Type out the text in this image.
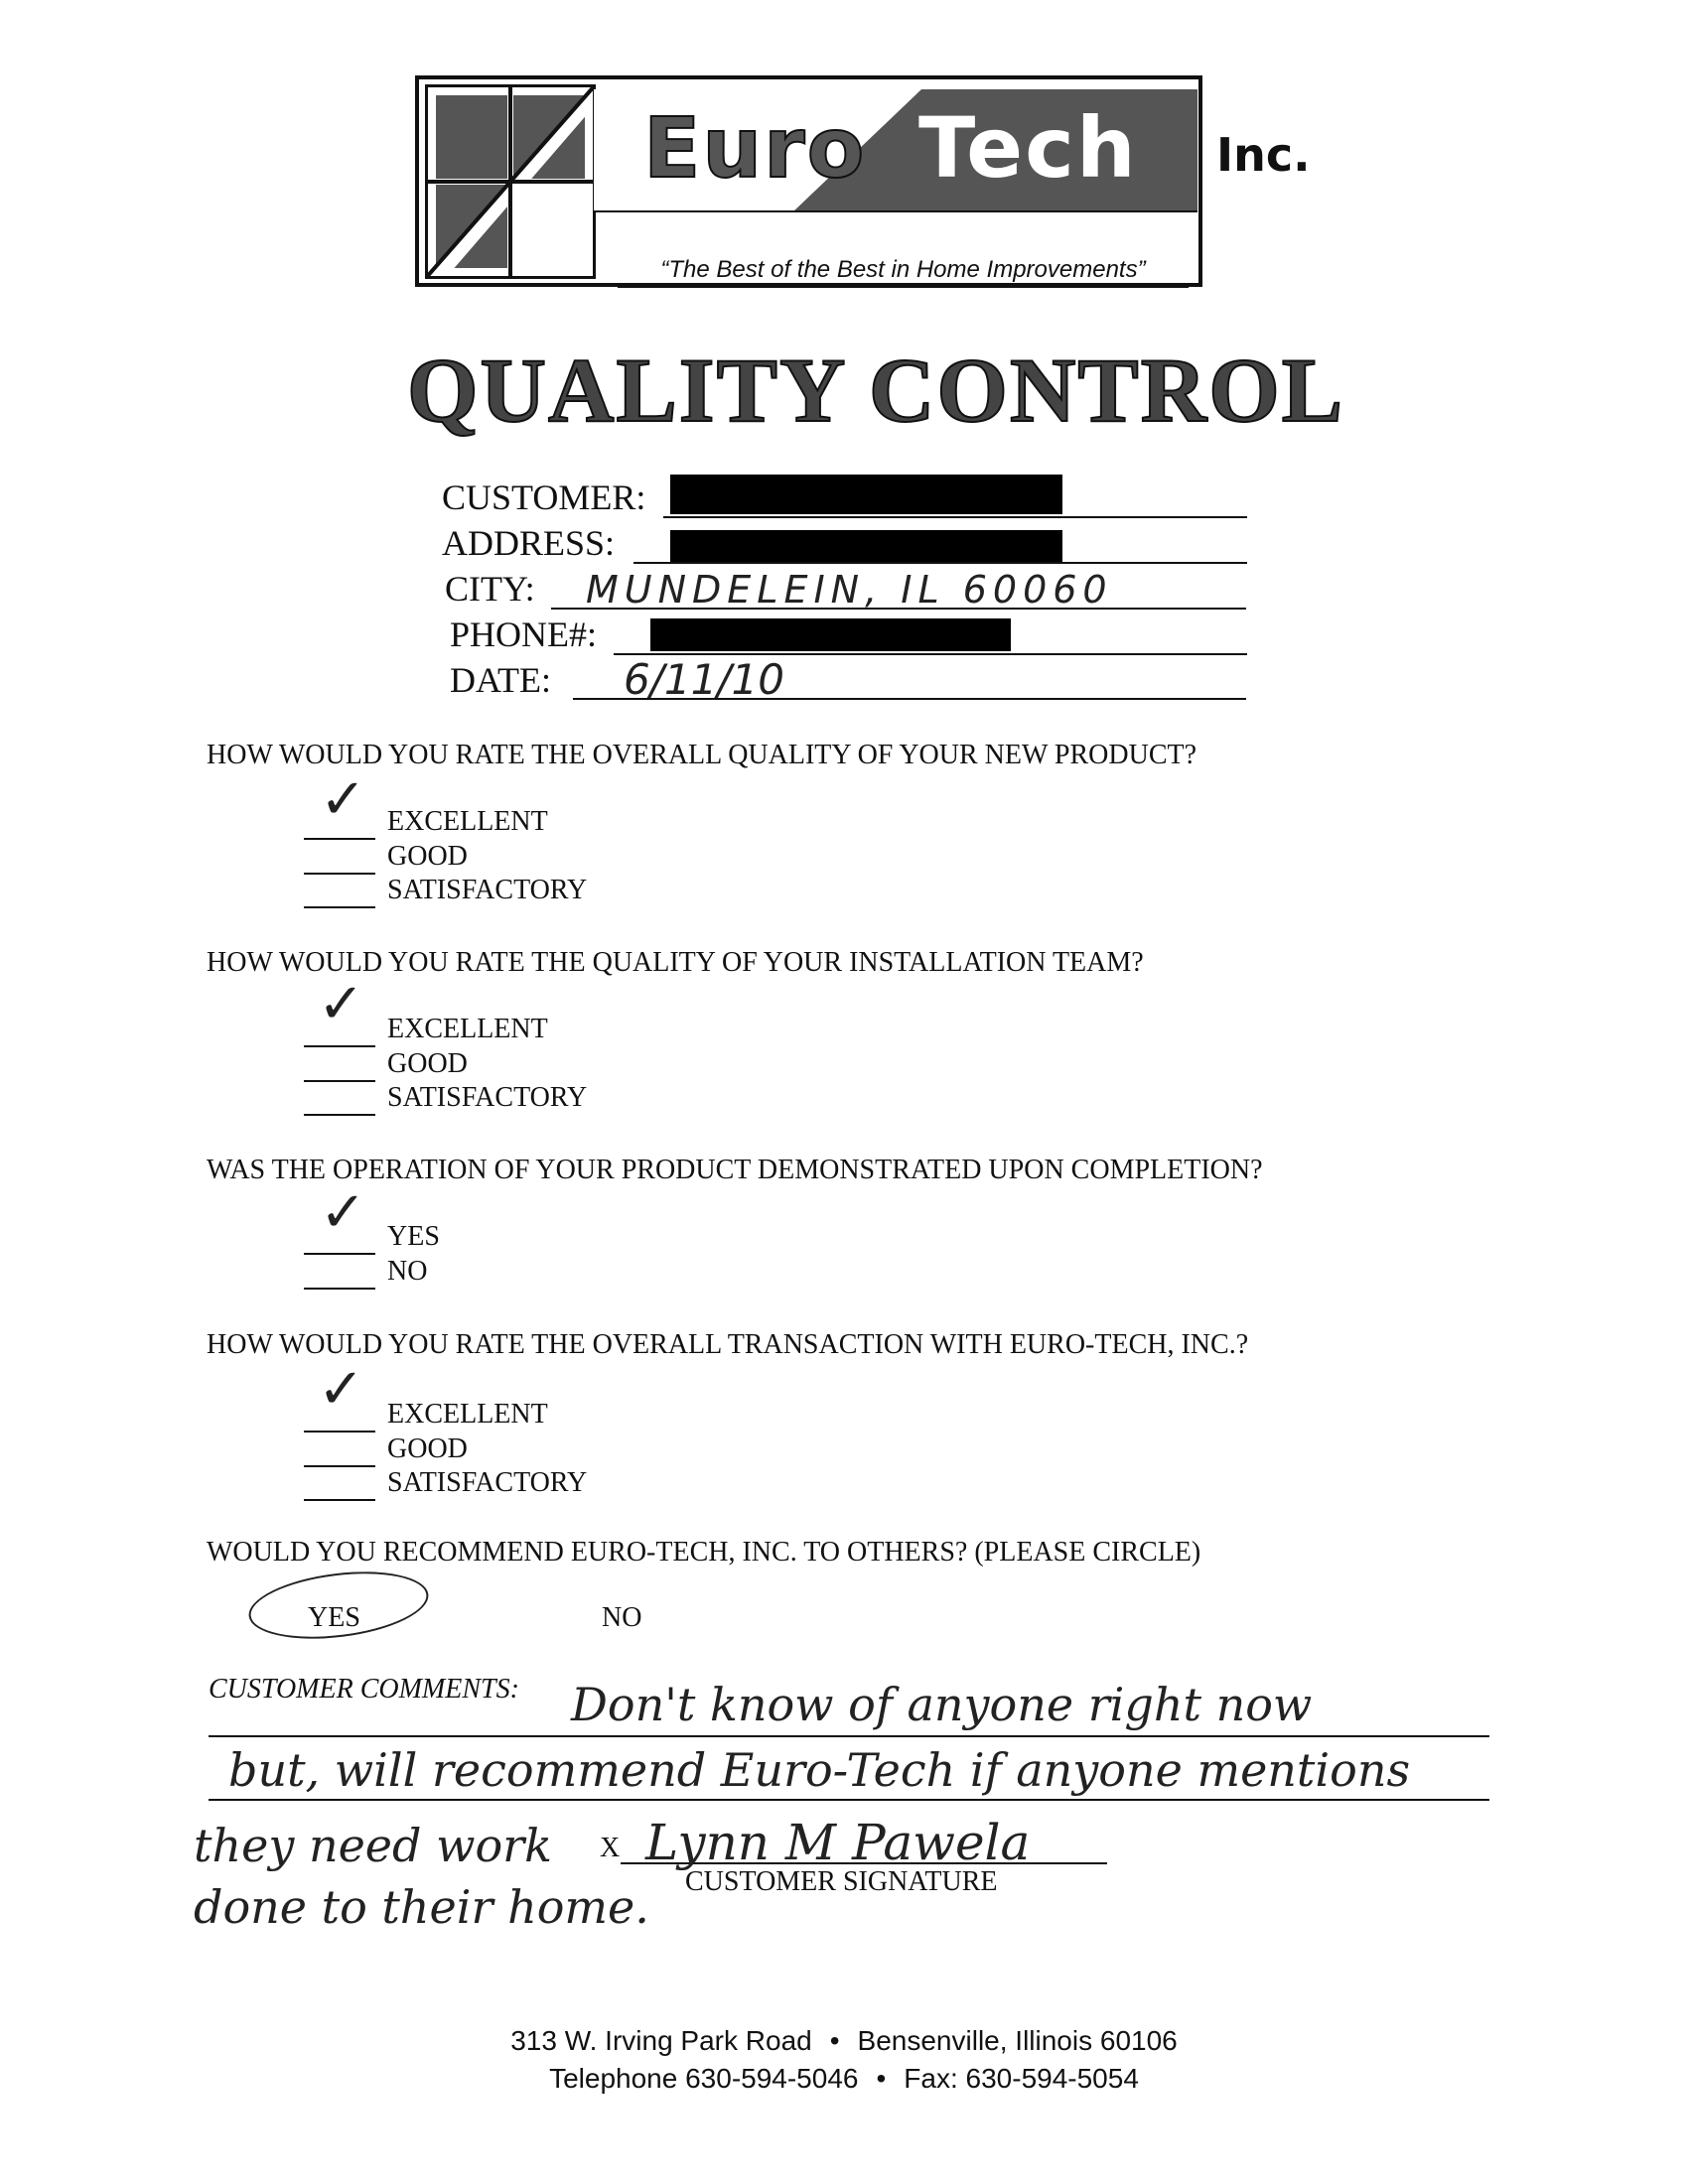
Euro Tech Inc.
“The Best of the Best in Home Improvements”
QUALITY CONTROL
CUSTOMER:
ADDRESS:
CITY: MUNDELEIN, IL 60060
PHONE#:
DATE: 6/11/10
HOW WOULD YOU RATE THE OVERALL QUALITY OF YOUR NEW PRODUCT?
✓ EXCELLENT
GOOD
SATISFACTORY
HOW WOULD YOU RATE THE QUALITY OF YOUR INSTALLATION TEAM?
✓ EXCELLENT
GOOD
SATISFACTORY
WAS THE OPERATION OF YOUR PRODUCT DEMONSTRATED UPON COMPLETION?
✓ YES
NO
HOW WOULD YOU RATE THE OVERALL TRANSACTION WITH EURO-TECH, INC.?
✓ EXCELLENT
GOOD
SATISFACTORY
WOULD YOU RECOMMEND EURO-TECH, INC. TO OTHERS? (PLEASE CIRCLE)
YES	NO
CUSTOMER COMMENTS: Don't know of anyone right now
but, will recommend Euro-Tech if anyone mentions
they need work
done to their home.
X Lynn M Pawela
CUSTOMER SIGNATURE
313 W. Irving Park Road • Bensenville, Illinois 60106
Telephone 630-594-5046 • Fax: 630-594-5054
